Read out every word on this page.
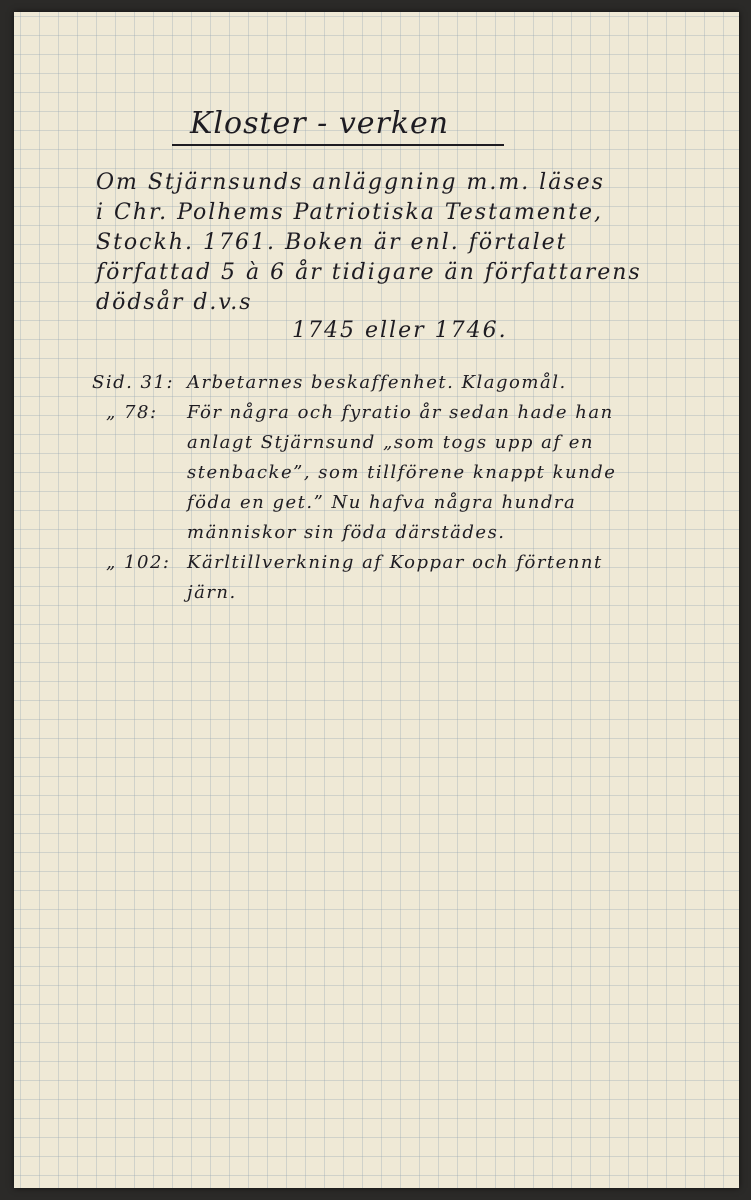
Kloster - verken
Om Stjärnsunds anläggning m.m. läses
i Chr. Polhems Patriotiska Testamente,
Stockh. 1761. Boken är enl. förtalet
författad 5 à 6 år tidigare än författarens
dödsår d.v.s
1745 eller 1746.
Sid. 31: Arbetarnes beskaffenhet. Klagomål.
„ 78: För några och fyratio år sedan hade han
anlagt Stjärnsund „som togs upp af en
stenbacke”, som tillförene knappt kunde
föda en get.” Nu hafva några hundra
människor sin föda därstädes.
„ 102: Kärltillverkning af Koppar och förtennt
järn.
